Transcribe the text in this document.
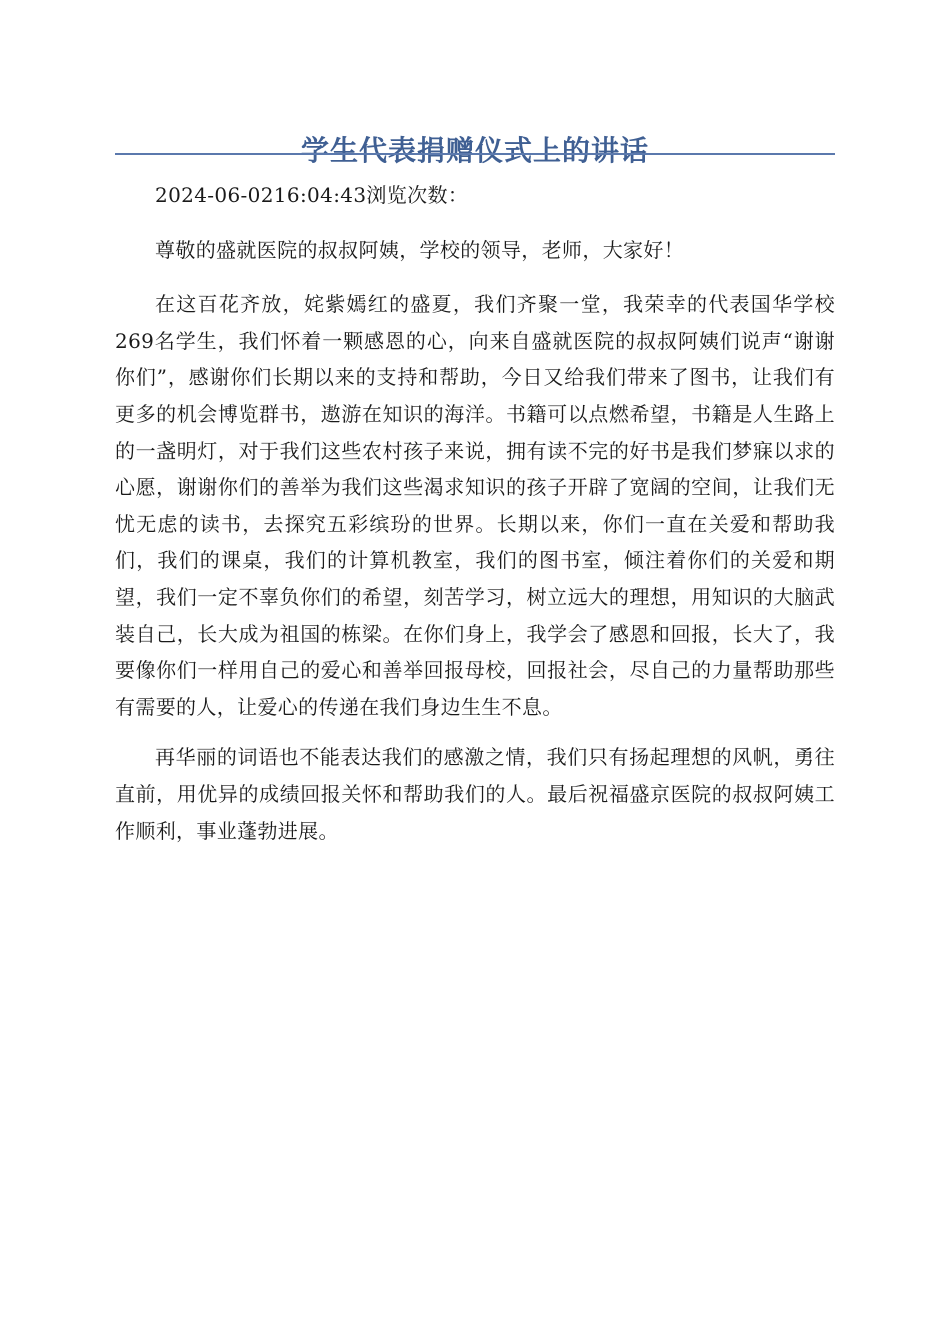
学生代表捐赠仪式上的讲话

2024-06-0216:04:43浏览次数：

尊敬的盛就医院的叔叔阿姨，学校的领导，老师，大家好！

在这百花齐放，姹紫嫣红的盛夏，我们齐聚一堂，我荣幸的代表国华学校269名学生，我们怀着一颗感恩的心，向来自盛就医院的叔叔阿姨们说声“谢谢你们”，感谢你们长期以来的支持和帮助，今日又给我们带来了图书，让我们有更多的机会博览群书，遨游在知识的海洋。书籍可以点燃希望，书籍是人生路上的一盏明灯，对于我们这些农村孩子来说，拥有读不完的好书是我们梦寐以求的心愿，谢谢你们的善举为我们这些渴求知识的孩子开辟了宽阔的空间，让我们无忧无虑的读书，去探究五彩缤玢的世界。长期以来，你们一直在关爱和帮助我们，我们的课桌，我们的计算机教室，我们的图书室，倾注着你们的关爱和期望，我们一定不辜负你们的希望，刻苦学习，树立远大的理想，用知识的大脑武装自己，长大成为祖国的栋梁。在你们身上，我学会了感恩和回报，长大了，我要像你们一样用自己的爱心和善举回报母校，回报社会，尽自己的力量帮助那些有需要的人，让爱心的传递在我们身边生生不息。

再华丽的词语也不能表达我们的感激之情，我们只有扬起理想的风帆，勇往直前，用优异的成绩回报关怀和帮助我们的人。最后祝福盛京医院的叔叔阿姨工作顺利，事业蓬勃进展。
